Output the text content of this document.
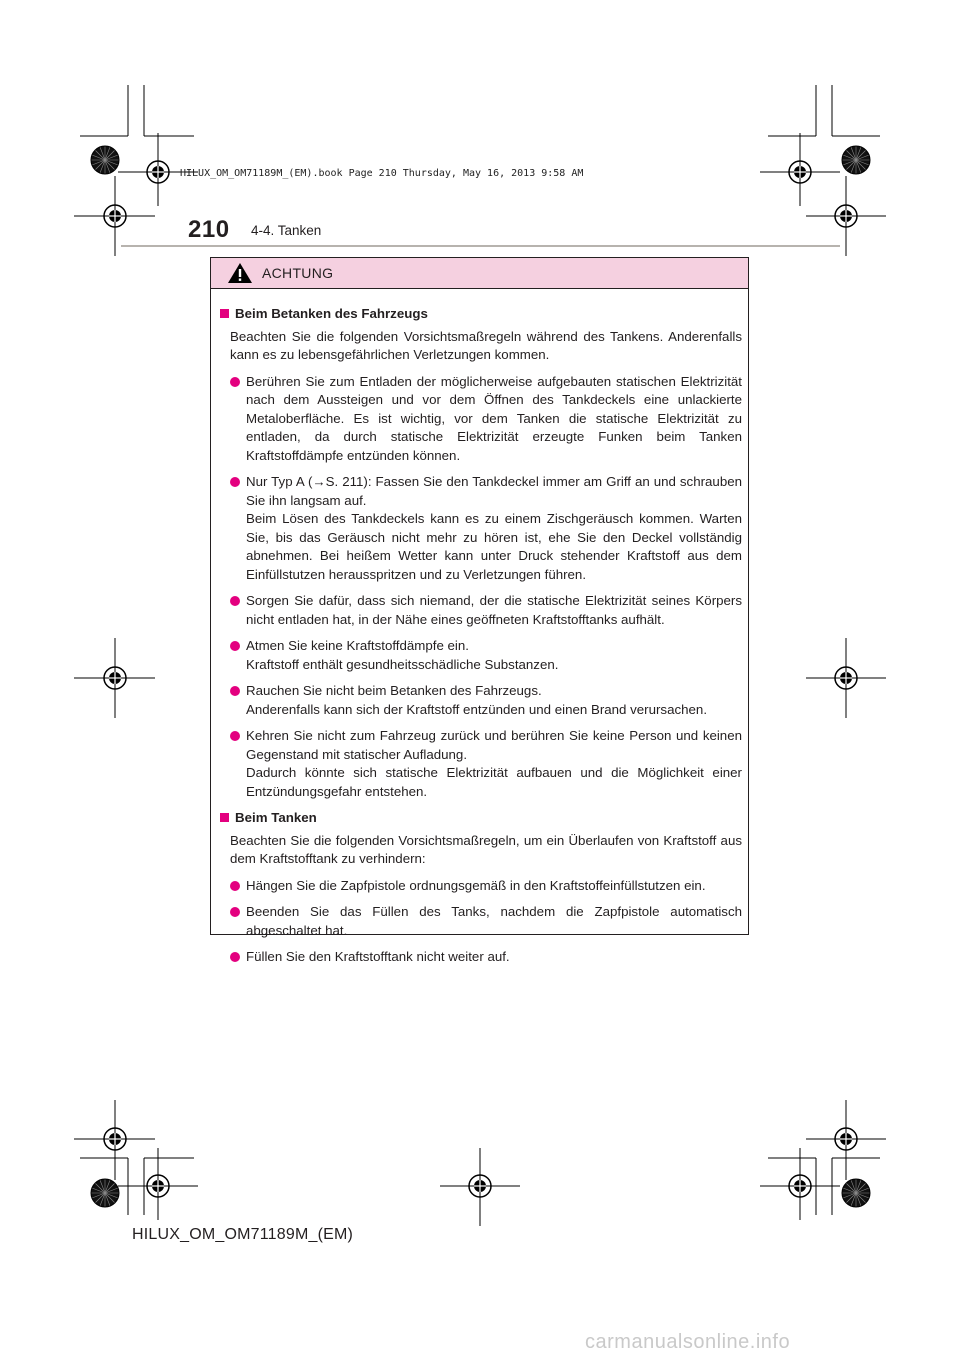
HILUX_OM_OM71189M_(EM).book Page 210 Thursday, May 16, 2013 9:58 AM
210 4-4. Tanken
ACHTUNG
Beim Betanken des Fahrzeugs
Beachten Sie die folgenden Vorsichtsmaßregeln während des Tankens. Anderenfalls kann es zu lebensgefährlichen Verletzungen kommen.

Berühren Sie zum Entladen der möglicherweise aufgebauten statischen Elektrizität nach dem Aussteigen und vor dem Öffnen des Tankdeckels eine unlackierte Metaloberfläche. Es ist wichtig, vor dem Tanken die statische Elektrizität zu entladen, da durch statische Elektrizität erzeugte Funken beim Tanken Kraftstoffdämpfe entzünden können.

Nur Typ A (→S. 211): Fassen Sie den Tankdeckel immer am Griff an und schrauben Sie ihn langsam auf.

Beim Lösen des Tankdeckels kann es zu einem Zischgeräusch kommen. Warten Sie, bis das Geräusch nicht mehr zu hören ist, ehe Sie den Deckel vollständig abnehmen. Bei heißem Wetter kann unter Druck stehender Kraftstoff aus dem Einfüllstutzen herausspritzen und zu Verletzungen führen.

Sorgen Sie dafür, dass sich niemand, der die statische Elektrizität seines Körpers nicht entladen hat, in der Nähe eines geöffneten Kraftstofftanks aufhält.

Atmen Sie keine Kraftstoffdämpfe ein.

Kraftstoff enthält gesundheitsschädliche Substanzen.

Rauchen Sie nicht beim Betanken des Fahrzeugs.

Anderenfalls kann sich der Kraftstoff entzünden und einen Brand verursachen.

Kehren Sie nicht zum Fahrzeug zurück und berühren Sie keine Person und keinen Gegenstand mit statischer Aufladung.

Dadurch könnte sich statische Elektrizität aufbauen und die Möglichkeit einer Entzündungsgefahr entstehen.

Beim Tanken
Beachten Sie die folgenden Vorsichtsmaßregeln, um ein Überlaufen von Kraftstoff aus dem Kraftstofftank zu verhindern:

Hängen Sie die Zapfpistole ordnungsgemäß in den Kraftstoffeinfüllstutzen ein.

Beenden Sie das Füllen des Tanks, nachdem die Zapfpistole automatisch abgeschaltet hat.

Füllen Sie den Kraftstofftank nicht weiter auf.

HILUX_OM_OM71189M_(EM)
carmanualsonline.info
